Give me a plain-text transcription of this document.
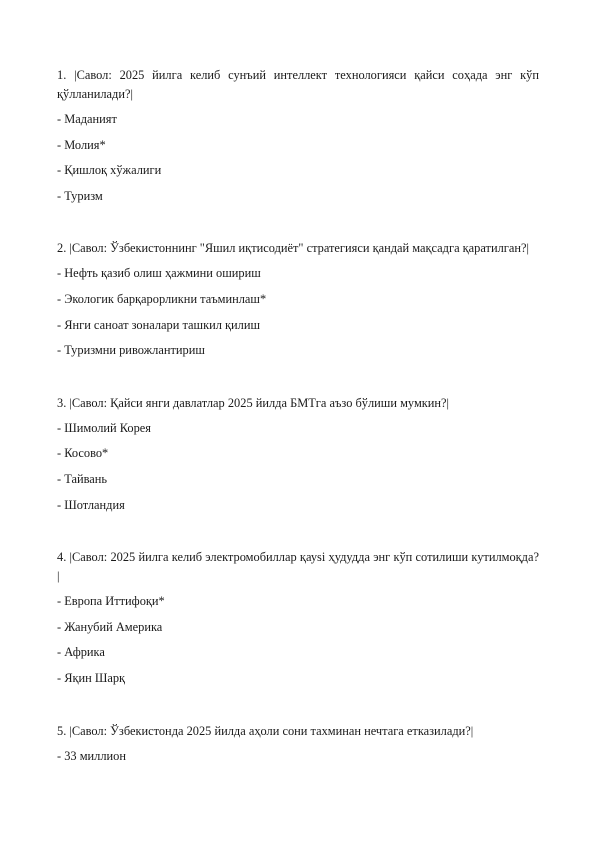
1. |Савол: 2025 йилга келиб сунъий интеллект технологияси қайси соҳада энг кўп қўлланилади?|

- Маданият
- Молия*
- Қишлоқ хўжалиги
- Туризм

2. |Савол: Ўзбекистоннинг "Яшил иқтисодиёт" стратегияси қандай мақсадга қаратилган?|

- Нефть қазиб олиш ҳажмини ошириш
- Экологик барқарорликни таъминлаш*
- Янги саноат зоналари ташкил қилиш
- Туризмни ривожлантириш

3. |Савол: Қайси янги давлатлар 2025 йилда БМТга аъзо бўлиши мумкин?|

- Шимолий Корея
- Косово*
- Тайвань
- Шотландия

4. |Савол: 2025 йилга келиб электромобиллар қауsi ҳудудда энг кўп сотилиши кутилмоқда?|

- Европа Иттифоқи*
- Жанубий Америка
- Африка
- Яқин Шарқ

5. |Савол: Ўзбекистонда 2025 йилда аҳоли сони тахминан нечтага етказилади?|

- 33 миллион
